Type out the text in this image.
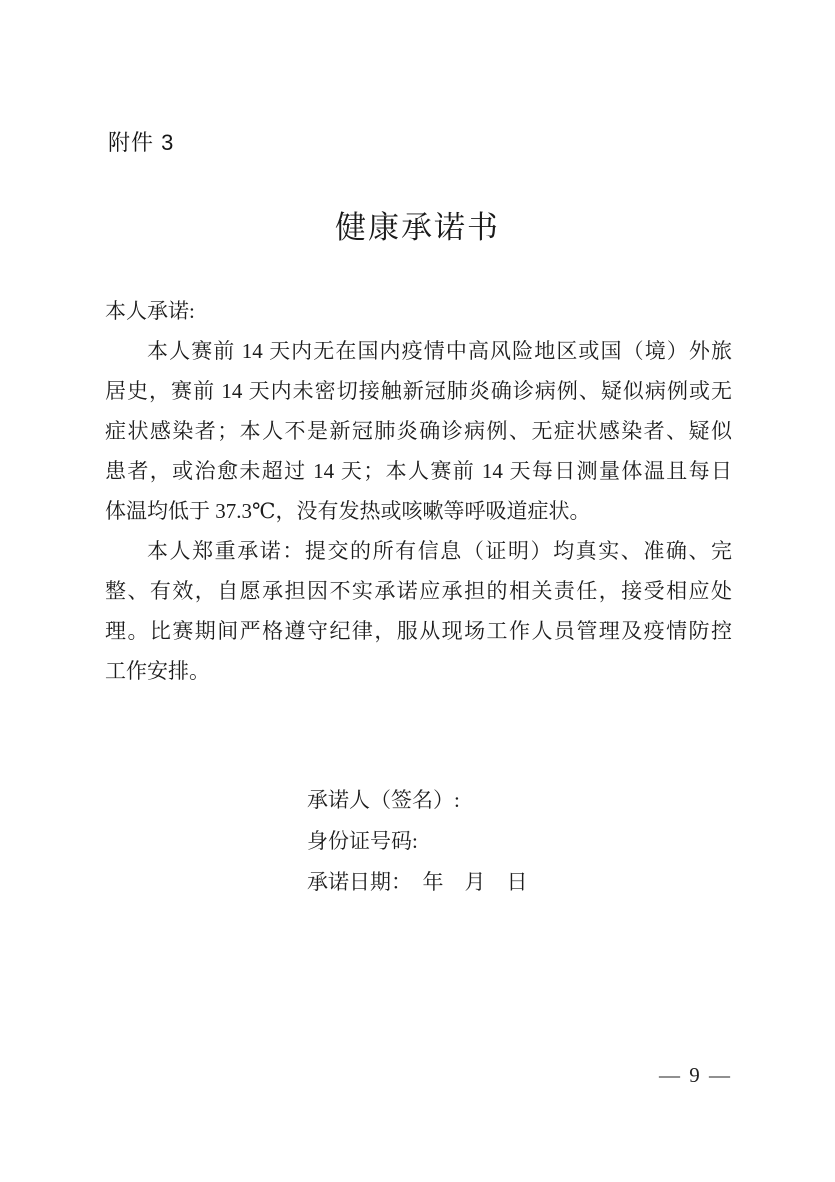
附件 3
健康承诺书
本人承诺:
本人赛前 14 天内无在国内疫情中高风险地区或国（境）外旅
居史，赛前 14 天内未密切接触新冠肺炎确诊病例、疑似病例或无
症状感染者；本人不是新冠肺炎确诊病例、无症状感染者、疑似
患者，或治愈未超过 14 天；本人赛前 14 天每日测量体温且每日
体温均低于 37.3℃，没有发热或咳嗽等呼吸道症状。
本人郑重承诺：提交的所有信息（证明）均真实、准确、完
整、有效，自愿承担因不实承诺应承担的相关责任，接受相应处
理。比赛期间严格遵守纪律，服从现场工作人员管理及疫情防控
工作安排。
承诺人（签名）:
身份证号码:
承诺日期：　年　月　日
— 9 —
